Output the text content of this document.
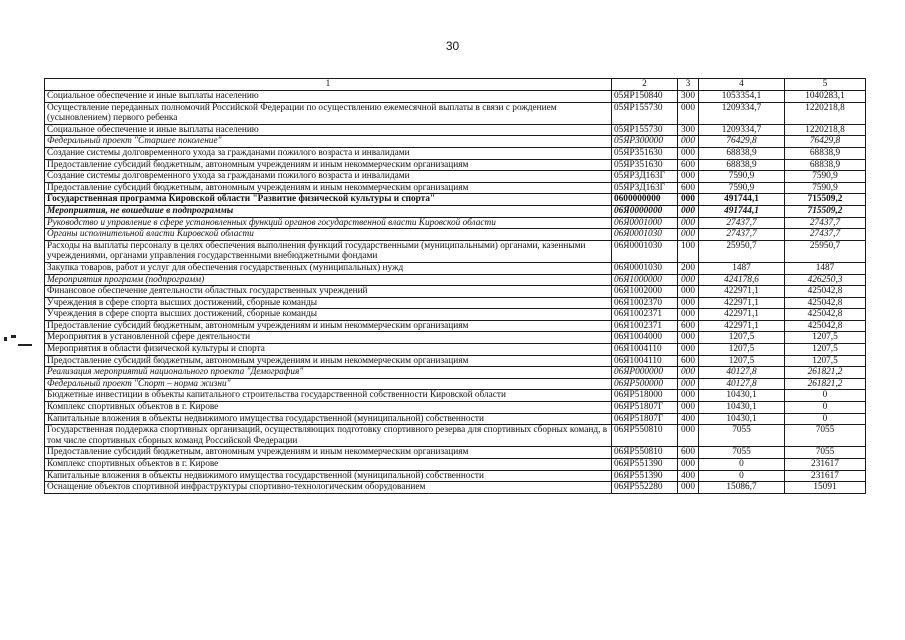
30
1	2	3	4	5
Социальное обеспечение и иные выплаты населению	05ЯР150840	300	1053354,1	1040283,1
Осуществление переданных полномочий Российской Федерации по осуществлению ежемесячной выплаты в связи с рождением (усыновлением) первого ребенка	05ЯР155730	000	1209334,7	1220218,8
Социальное обеспечение и иные выплаты населению	05ЯР155730	300	1209334,7	1220218,8
Федеральный проект "Старшее поколение"	05ЯР300000	000	76429,8	76429,8
Создание системы долговременного ухода за гражданами пожилого возраста и инвалидами	05ЯР351630	000	68838,9	68838,9
Предоставление субсидий бюджетным, автономным учреждениям и иным некоммерческим организациям	05ЯР351630	600	68838,9	68838,9
Создание системы долговременного ухода за гражданами пожилого возраста и инвалидами	05ЯР3Д163Г	000	7590,9	7590,9
Предоставление субсидий бюджетным, автономным учреждениям и иным некоммерческим организациям	05ЯР3Д163Г	600	7590,9	7590,9
Государственная программа Кировской области "Развитие физической культуры и спорта"	0600000000	000	491744,1	715509,2
Мероприятия, не вошедшие в подпрограммы	06Я0000000	000	491744,1	715509,2
Руководство и управление в сфере установленных функций органов государственной власти Кировской области	06Я0001000	000	27437,7	27437,7
Органы исполнительной власти Кировской области	06Я0001030	000	27437,7	27437,7
Расходы на выплаты персоналу в целях обеспечения выполнения функций государственными (муниципальными) органами, казенными учреждениями, органами управления государственными внебюджетными фондами	06Я0001030	100	25950,7	25950,7
Закупка товаров, работ и услуг для обеспечения государственных (муниципальных) нужд	06Я0001030	200	1487	1487
Мероприятия программ (подпрограмм)	06Я1000000	000	424178,6	426250,3
Финансовое обеспечение деятельности областных государственных учреждений	06Я1002000	000	422971,1	425042,8
Учреждения в сфере спорта высших достижений, сборные команды	06Я1002370	000	422971,1	425042,8
Учреждения в сфере спорта высших достижений, сборные команды	06Я1002371	000	422971,1	425042,8
Предоставление субсидий бюджетным, автономным учреждениям и иным некоммерческим организациям	06Я1002371	600	422971,1	425042,8
Мероприятия в установленной сфере деятельности	06Я1004000	000	1207,5	1207,5
Мероприятия в области физической культуры и спорта	06Я1004110	000	1207,5	1207,5
Предоставление субсидий бюджетным, автономным учреждениям и иным некоммерческим организациям	06Я1004110	600	1207,5	1207,5
Реализация мероприятий национального проекта "Демография"	06ЯР000000	000	40127,8	261821,2
Федеральный проект "Спорт – норма жизни"	06ЯР500000	000	40127,8	261821,2
Бюджетные инвестиции в объекты капитального строительства государственной собственности Кировской области	06ЯР518000	000	10430,1	0
Комплекс спортивных объектов в г. Кирове	06ЯР51807Г	000	10430,1	0
Капитальные вложения в объекты недвижимого имущества государственной (муниципальной) собственности	06ЯР51807Г	400	10430,1	0
Государственная поддержка спортивных организаций, осуществляющих подготовку спортивного резерва для спортивных сборных команд, в том числе спортивных сборных команд Российской Федерации	06ЯР550810	000	7055	7055
Предоставление субсидий бюджетным, автономным учреждениям и иным некоммерческим организациям	06ЯР550810	600	7055	7055
Комплекс спортивных объектов в г. Кирове	06ЯР551390	000	0	231617
Капитальные вложения в объекты недвижимого имущества государственной (муниципальной) собственности	06ЯР551390	400	0	231617
Оснащение объектов спортивной инфраструктуры спортивно-технологическим оборудованием	06ЯР552280	000	15086,7	15091
